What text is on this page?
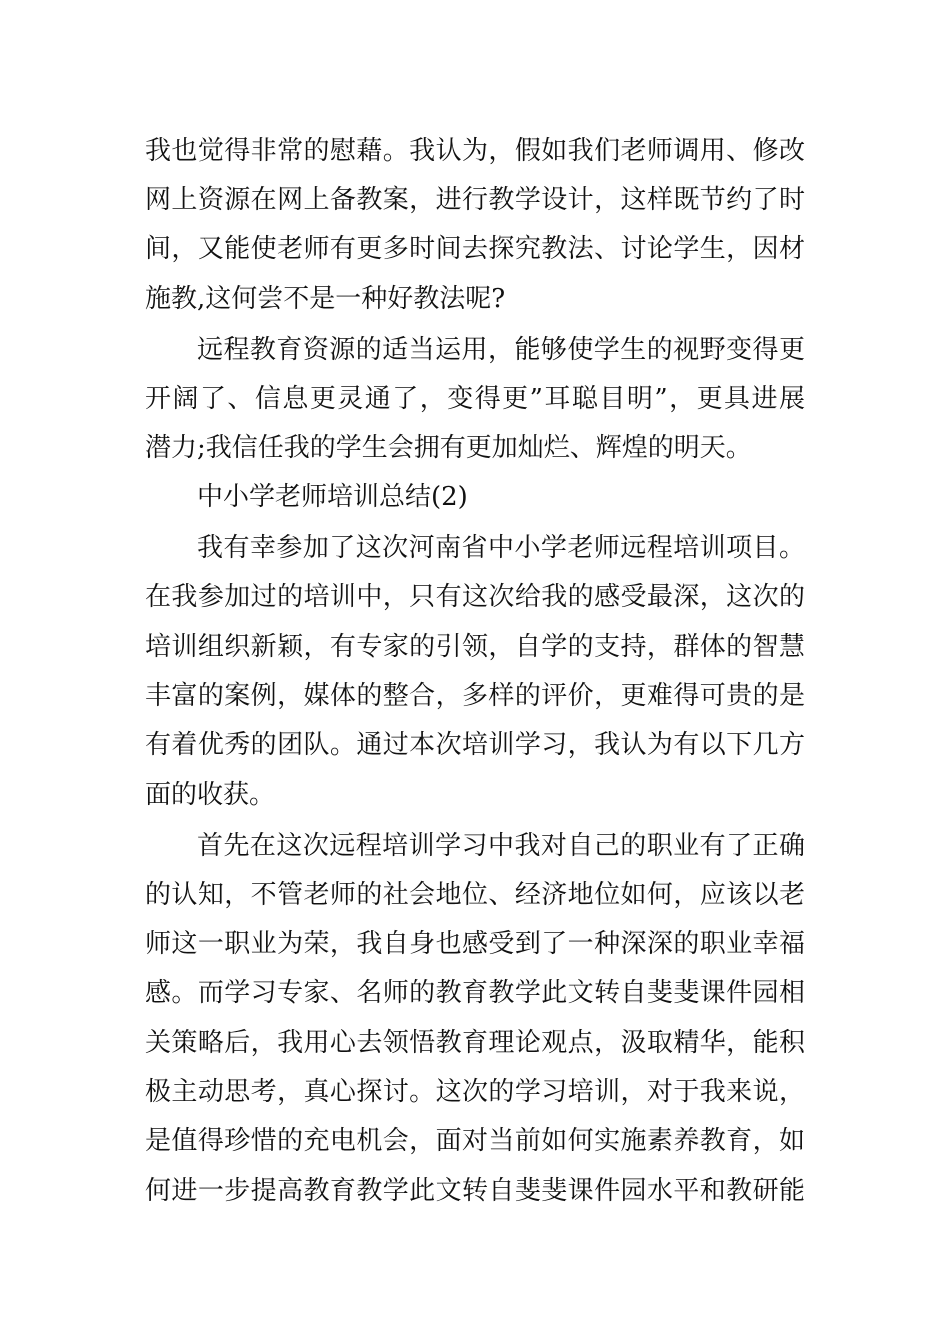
我也觉得非常的慰藉。我认为，假如我们老师调用、修改

网上资源在网上备教案，进行教学设计，这样既节约了时

间，又能使老师有更多时间去探究教法、讨论学生，因材

施教,这何尝不是一种好教法呢?

远程教育资源的适当运用，能够使学生的视野变得更

开阔了、信息更灵通了，变得更”耳聪目明”，更具进展

潜力;我信任我的学生会拥有更加灿烂、辉煌的明天。

中小学老师培训总结(2)

我有幸参加了这次河南省中小学老师远程培训项目。

在我参加过的培训中，只有这次给我的感受最深，这次的

培训组织新颖，有专家的引领，自学的支持，群体的智慧

丰富的案例，媒体的整合，多样的评价，更难得可贵的是

有着优秀的团队。通过本次培训学习，我认为有以下几方

面的收获。

首先在这次远程培训学习中我对自己的职业有了正确

的认知，不管老师的社会地位、经济地位如何，应该以老

师这一职业为荣，我自身也感受到了一种深深的职业幸福

感。而学习专家、名师的教育教学此文转自斐斐课件园相

关策略后，我用心去领悟教育理论观点，汲取精华，能积

极主动思考，真心探讨。这次的学习培训，对于我来说，

是值得珍惜的充电机会，面对当前如何实施素养教育，如

何进一步提高教育教学此文转自斐斐课件园水平和教研能
